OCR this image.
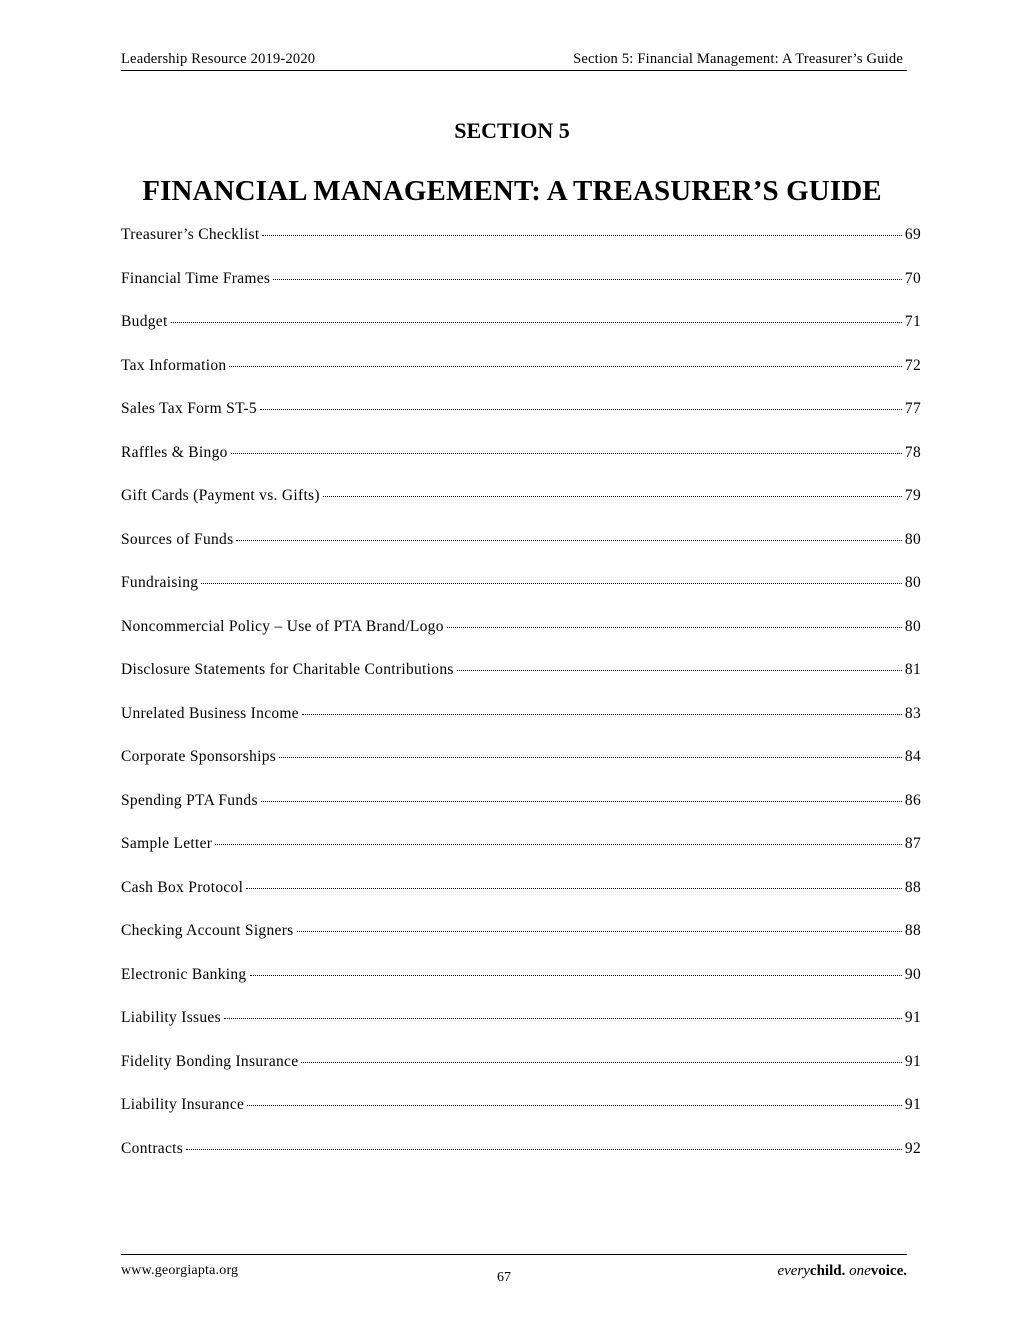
Leadership Resource 2019-2020	Section 5: Financial Management: A Treasurer’s Guide
SECTION 5
FINANCIAL MANAGEMENT: A TREASURER’S GUIDE
Treasurer’s Checklist	69
Financial Time Frames	70
Budget	71
Tax Information	72
Sales Tax Form ST-5	77
Raffles & Bingo	78
Gift Cards (Payment vs. Gifts)	79
Sources of Funds	80
Fundraising	80
Noncommercial Policy – Use of PTA Brand/Logo	80
Disclosure Statements for Charitable Contributions	81
Unrelated Business Income	83
Corporate Sponsorships	84
Spending PTA Funds	86
Sample Letter	87
Cash Box Protocol	88
Checking Account Signers	88
Electronic Banking	90
Liability Issues	91
Fidelity Bonding Insurance	91
Liability Insurance	91
Contracts	92
www.georgiapta.org	67	everychild. onevoice.
